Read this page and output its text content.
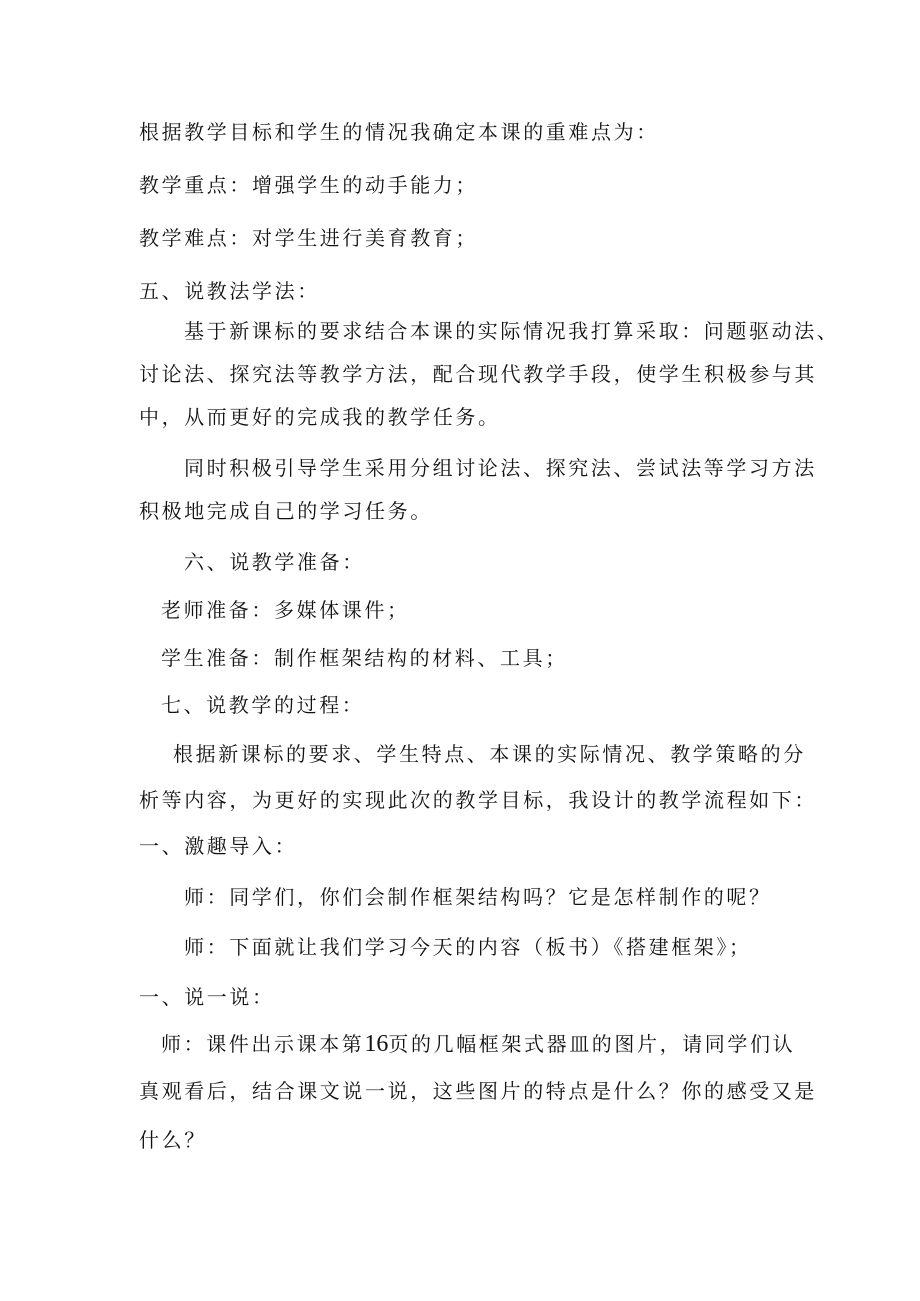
根据教学目标和学生的情况我确定本课的重难点为：
教学重点：增强学生的动手能力；
教学难点：对学生进行美育教育；
五、说教法学法：
基于新课标的要求结合本课的实际情况我打算采取：问题驱动法、
讨论法、探究法等教学方法，配合现代教学手段，使学生积极参与其
中，从而更好的完成我的教学任务。
同时积极引导学生采用分组讨论法、探究法、尝试法等学习方法
积极地完成自己的学习任务。
六、说教学准备：
老师准备：多媒体课件；
学生准备：制作框架结构的材料、工具；
七、说教学的过程：
根据新课标的要求、学生特点、本课的实际情况、教学策略的分
析等内容，为更好的实现此次的教学目标，我设计的教学流程如下：
一、激趣导入：
师：同学们，你们会制作框架结构吗？它是怎样制作的呢？
师：下面就让我们学习今天的内容（板书）《搭建框架》；
一、说一说：
师：课件出示课本第16页的几幅框架式器皿的图片，请同学们认
真观看后，结合课文说一说，这些图片的特点是什么？你的感受又是
什么？
